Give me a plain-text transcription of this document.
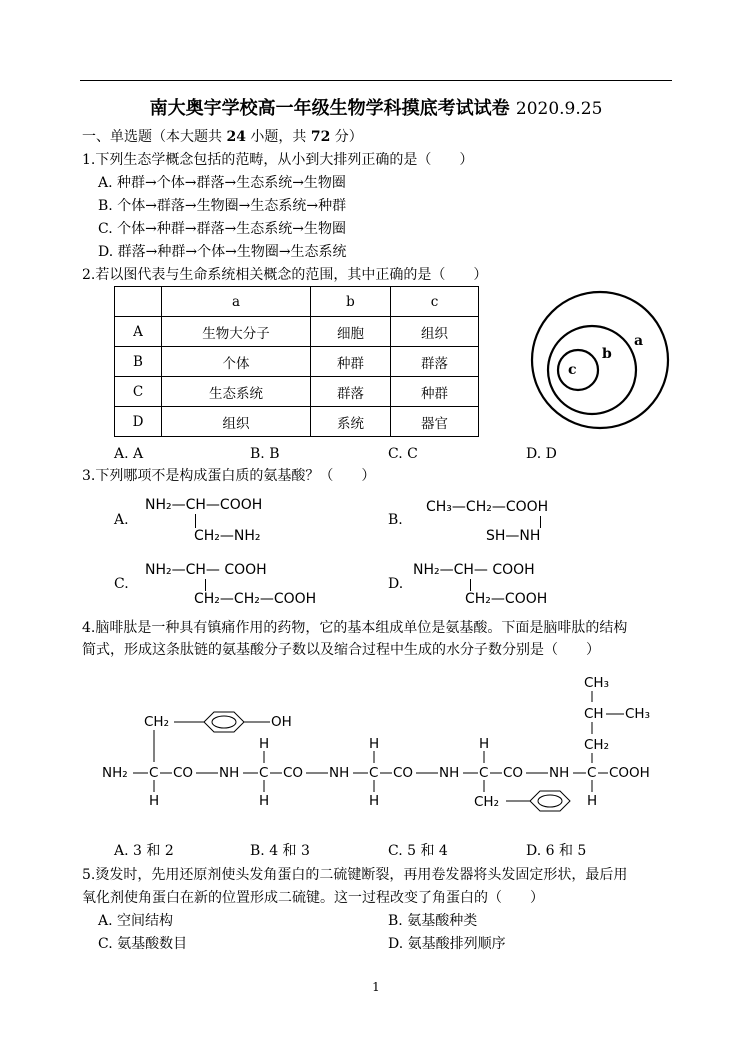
南大奥宇学校高一年级生物学科摸底考试试卷 2020.9.25
一、单选题（本大题共 24 小题，共 72 分）
1.下列生态学概念包括的范畴，从小到大排列正确的是（　　）
A. 种群→个体→群落→生态系统→生物圈
B. 个体→群落→生物圈→生态系统→种群
C. 个体→种群→群落→生态系统→生物圈
D. 群落→种群→个体→生物圈→生态系统
2.若以图代表与生命系统相关概念的范围，其中正确的是（　　）
	a	b	c
A	生物大分子	细胞	组织
B	个体	种群	群落
C	生态系统	群落	种群
D	组织	系统	器官
a
b
c
A. A	B. B	C. C	D. D
3.下列哪项不是构成蛋白质的氨基酸？（　　）
A.
NH₂—CH—COOH
CH₂—NH₂
B.
CH₃—CH₂—COOH
SH—NH
C.
NH₂—CH— COOH
CH₂—CH₂—COOH
D.
NH₂—CH— COOH
CH₂—COOH
4.脑啡肽是一种具有镇痛作用的药物，它的基本组成单位是氨基酸。下面是脑啡肽的结构
简式，形成这条肽链的氨基酸分子数以及缩合过程中生成的水分子数分别是（　　）
NH₂ C CO NH C CO NH C CO NH C CO NH C COOH
CH₂	OH
H
H
H
H
H
H
CH₂
CH₃
CH CH₃
CH₂
H
A. 3 和 2	B. 4 和 3	C. 5 和 4	D. 6 和 5
5.烫发时，先用还原剂使头发角蛋白的二硫键断裂，再用卷发器将头发固定形状，最后用
氧化剂使角蛋白在新的位置形成二硫键。这一过程改变了角蛋白的（　　）
A. 空间结构	B. 氨基酸种类
C. 氨基酸数目	D. 氨基酸排列顺序
1
